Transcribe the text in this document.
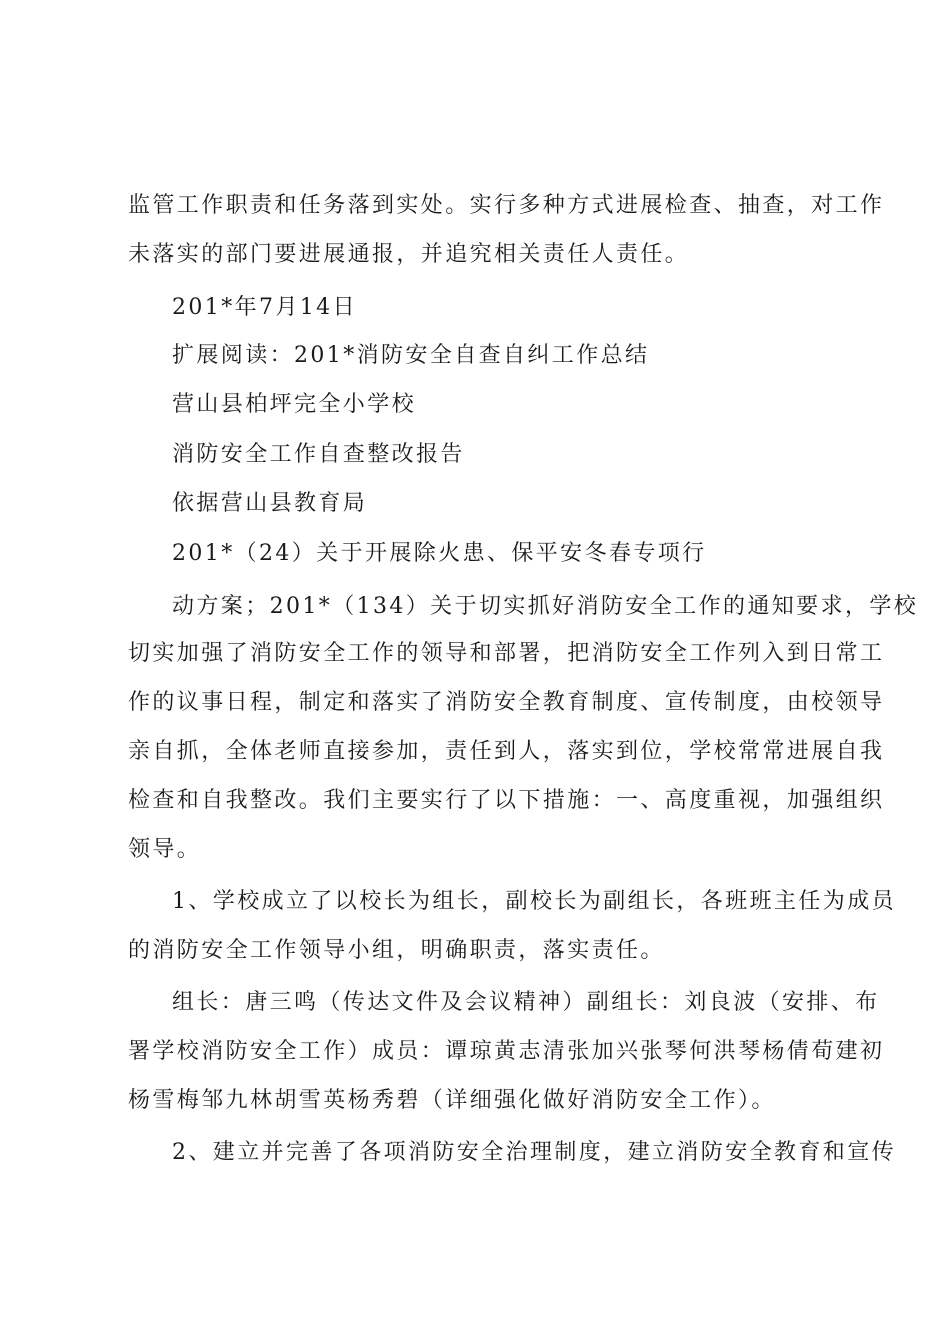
监管工作职责和任务落到实处。实行多种方式进展检查、抽查，对工作
未落实的部门要进展通报，并追究相关责任人责任。
201*年7月14日
扩展阅读：201*消防安全自查自纠工作总结
营山县柏坪完全小学校
消防安全工作自查整改报告
依据营山县教育局
201*（24）关于开展除火患、保平安冬春专项行
动方案；201*（134）关于切实抓好消防安全工作的通知要求，学校
切实加强了消防安全工作的领导和部署，把消防安全工作列入到日常工
作的议事日程，制定和落实了消防安全教育制度、宣传制度，由校领导
亲自抓，全体老师直接参加，责任到人，落实到位，学校常常进展自我
检查和自我整改。我们主要实行了以下措施：一、高度重视，加强组织
领导。
1、学校成立了以校长为组长，副校长为副组长，各班班主任为成员
的消防安全工作领导小组，明确职责，落实责任。
组长：唐三鸣（传达文件及会议精神）副组长：刘良波（安排、布
署学校消防安全工作）成员：谭琼黄志清张加兴张琴何洪琴杨倩荀建初
杨雪梅邹九林胡雪英杨秀碧（详细强化做好消防安全工作）。
2、建立并完善了各项消防安全治理制度，建立消防安全教育和宣传
